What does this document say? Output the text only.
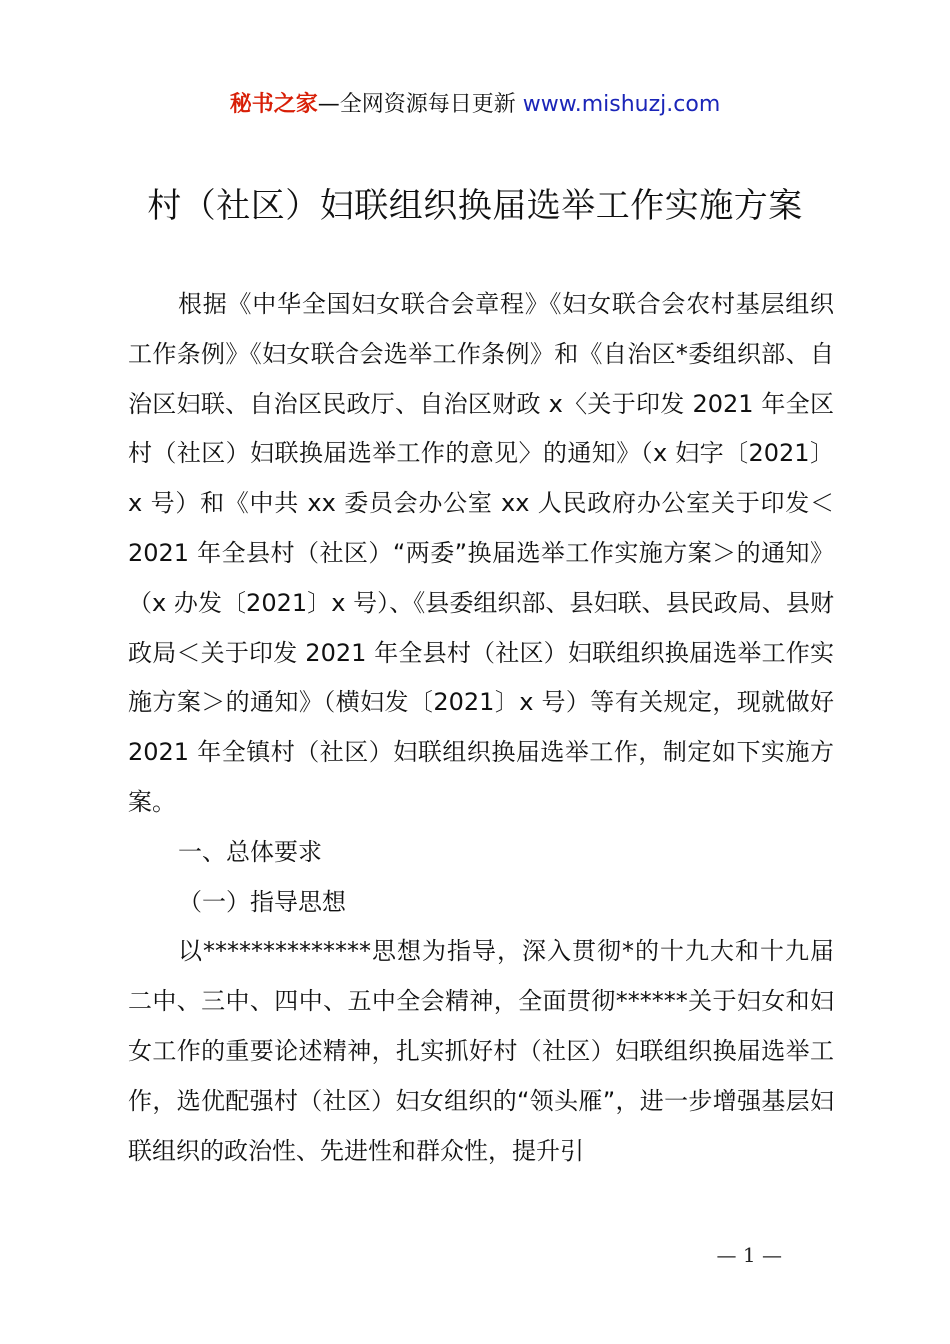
秘书之家—全网资源每日更新 www.mishuzj.com
村（社区）妇联组织换届选举工作实施方案

根据《中华全国妇女联合会章程》《妇女联合会农村基层组织工作条例》《妇女联合会选举工作条例》和《自治区*委组织部、自治区妇联、自治区民政厅、自治区财政 x〈关于印发 2021 年全区村（社区）妇联换届选举工作的意见〉的通知》（x 妇字〔2021〕x 号）和《中共 xx 委员会办公室 xx 人民政府办公室关于印发＜2021 年全县村（社区）“两委”换届选举工作实施方案＞的通知》（x 办发〔2021〕x 号）、《县委组织部、县妇联、县民政局、县财政局＜关于印发 2021 年全县村（社区）妇联组织换届选举工作实施方案＞的通知》（横妇发〔2021〕x 号）等有关规定，现就做好 2021 年全镇村（社区）妇联组织换届选举工作，制定如下实施方案。

一、总体要求

（一）指导思想

以**************思想为指导，深入贯彻*的十九大和十九届二中、三中、四中、五中全会精神，全面贯彻******关于妇女和妇女工作的重要论述精神，扎实抓好村（社区）妇联组织换届选举工作，选优配强村（社区）妇女组织的“领头雁”，进一步增强基层妇联组织的政治性、先进性和群众性，提升引

— 1 —
